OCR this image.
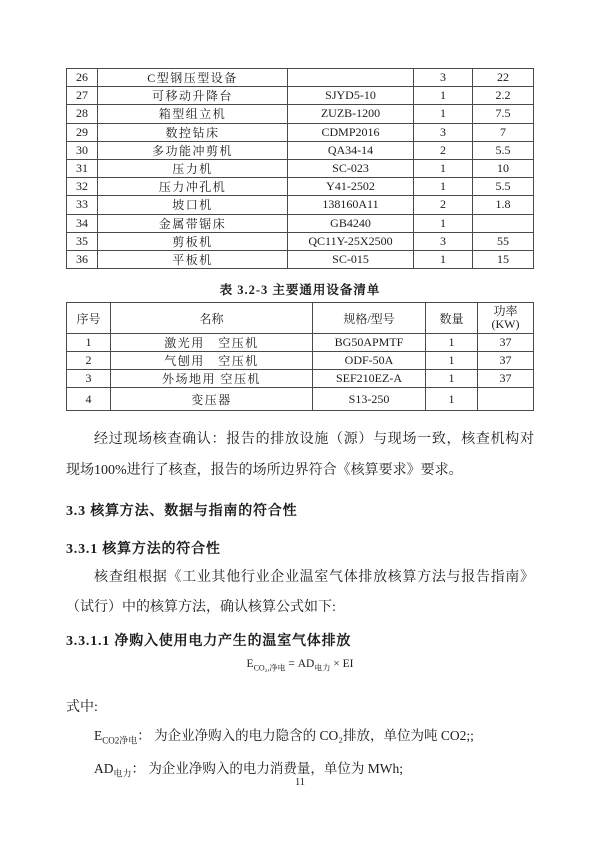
26	C型钢压型设备		3	22
27	可移动升降台	SJYD5-10	1	2.2
28	箱型组立机	ZUZB-1200	1	7.5
29	数控钻床	CDMP2016	3	7
30	多功能冲剪机	QA34-14	2	5.5
31	压力机	SC-023	1	10
32	压力冲孔机	Y41-2502	1	5.5
33	坡口机	138160A11	2	1.8
34	金属带锯床	GB4240	1	
35	剪板机	QC11Y-25X2500	3	55
36	平板机	SC-015	1	15
表 3.2-3 主要通用设备清单
序号	名称	规格/型号	数量	功率
(KW)

1	激光用　空压机	BG50APMTF	1	37
2	气刨用　空压机	ODF-50A	1	37
3	外场地用 空压机	SEF210EZ-A	1	37
4	变压器	S13-250	1	
经过现场核查确认：报告的排放设施（源）与现场一致，核查机构对
现场100%进行了核查，报告的场所边界符合《核算要求》要求。
3.3 核算方法、数据与指南的符合性
3.3.1 核算方法的符合性
核查组根据《工业其他行业企业温室气体排放核算方法与报告指南》
（试行）中的核算方法，确认核算公式如下:
3.3.1.1 净购入使用电力产生的温室气体排放
$E_{CO_2,净电} = AD_{电力}$ × EI
式中:
$E_{CO2净电}$： 为企业净购入的电力隐含的 CO₂排放，单位为吨 CO2;;
$AD_{电力}$： 为企业净购入的电力消费量，单位为 MWh;
11
